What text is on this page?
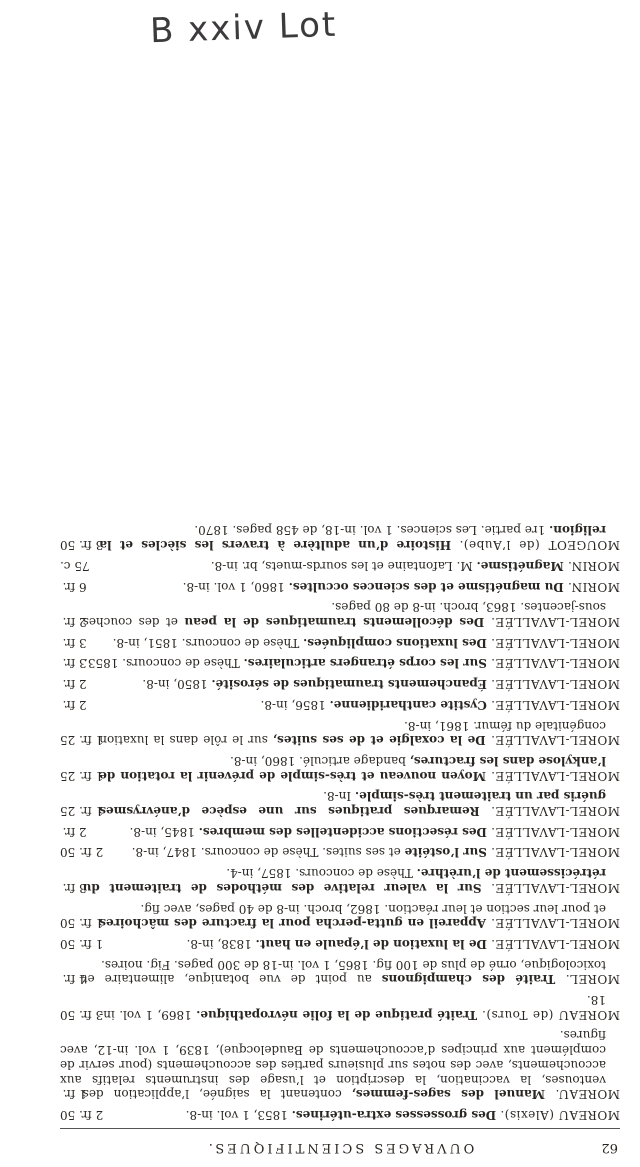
B xxiv Lot
62
OUVRAGES SCIENTIFIQUES.

2 fr. 50	MOREAU (Alexis). Des grossesses extra-utérines. 1853, 1 vol. in-8.

1 fr.	MOREAU. Manuel des sages-femmes, contenant la saignée, l’application des ventouses, la vaccination, la description et l’usage des instruments relatifs aux accouchements, avec des notes sur plusieurs parties des accouchements (pour servir de complément aux principes d’accouchements de Baudelocque), 1839, 1 vol. in-12, avec figures.

3 fr. 50	MOREAU (de Tours). Traité pratique de la folie névropathique. 1869, 1 vol. in-18.

4 fr.	MOREL. Traité des champignons au point de vue botanique, alimentaire et toxicologique, orné de plus de 100 fig. 1865, 1 vol. in-18 de 300 pages. Fig. noires.

1 fr. 50	MOREL-LAVALLÉE. De la luxation de l’épaule en haut. 1838, in-8.

1 fr. 50	MOREL-LAVALLÉE. Appareil en gutta-percha pour la fracture des mâchoires et pour leur section et leur réaction. 1862, broch. in-8 de 40 pages, avec fig.

3 fr.	MOREL-LAVALLÉE. Sur la valeur relative des méthodes de traitement du rétrécissement de l’urèthre. Thèse de concours. 1857, in-4.

2 fr. 50	MOREL-LAVALLÉE. Sur l’ostéite et ses suites. Thèse de concours. 1847, in-8.

2 fr.	MOREL-LAVALLÉE. Des résections accidentelles des membres. 1845, in-8.

1 fr. 25	MOREL-LAVALLÉE. Remarques pratiques sur une espèce d’anévrysmes guéris par un traitement très-simple. In-8.

1 fr. 25	MOREL-LAVALLÉE. Moyen nouveau et très-simple de prévenir la rotation de l’ankylose dans les fractures, bandage articulé. 1860, in-8.

1 fr. 25	MOREL-LAVALLÉE. De la coxalgie et de ses suites, sur le rôle dans la luxation congénitale du fémur. 1861, in-8.

2 fr.	MOREL-LAVALLÉE. Cystite cantharidienne. 1856, in-8.

2 fr.	MOREL-LAVALLÉE. Épanchements traumatiques de sérosité. 1850, in-8.

3 fr.	MOREL-LAVALLÉE. Sur les corps étrangers articulaires. Thèse de concours. 1853.

3 fr.	MOREL-LAVALLÉE. Des luxations compliquées. Thèse de concours. 1851, in-8.

2 fr.	MOREL-LAVALLÉE. Des décollements traumatiques de la peau et des couches sous-jacentes. 1863, broch. in-8 de 80 pages.

6 fr.	MORIN. Du magnétisme et des sciences occultes. 1860, 1 vol. in-8.

75 c.	MORIN. Magnétisme. M. Lafontaine et les sourds-muets, br. in-8.

3 fr. 50	MOUGEOT (de l’Aube). Histoire d’un adultère à travers les siècles et la religion. 1re partie. Les sciences. 1 vol. in-18, de 458 pages. 1870.
